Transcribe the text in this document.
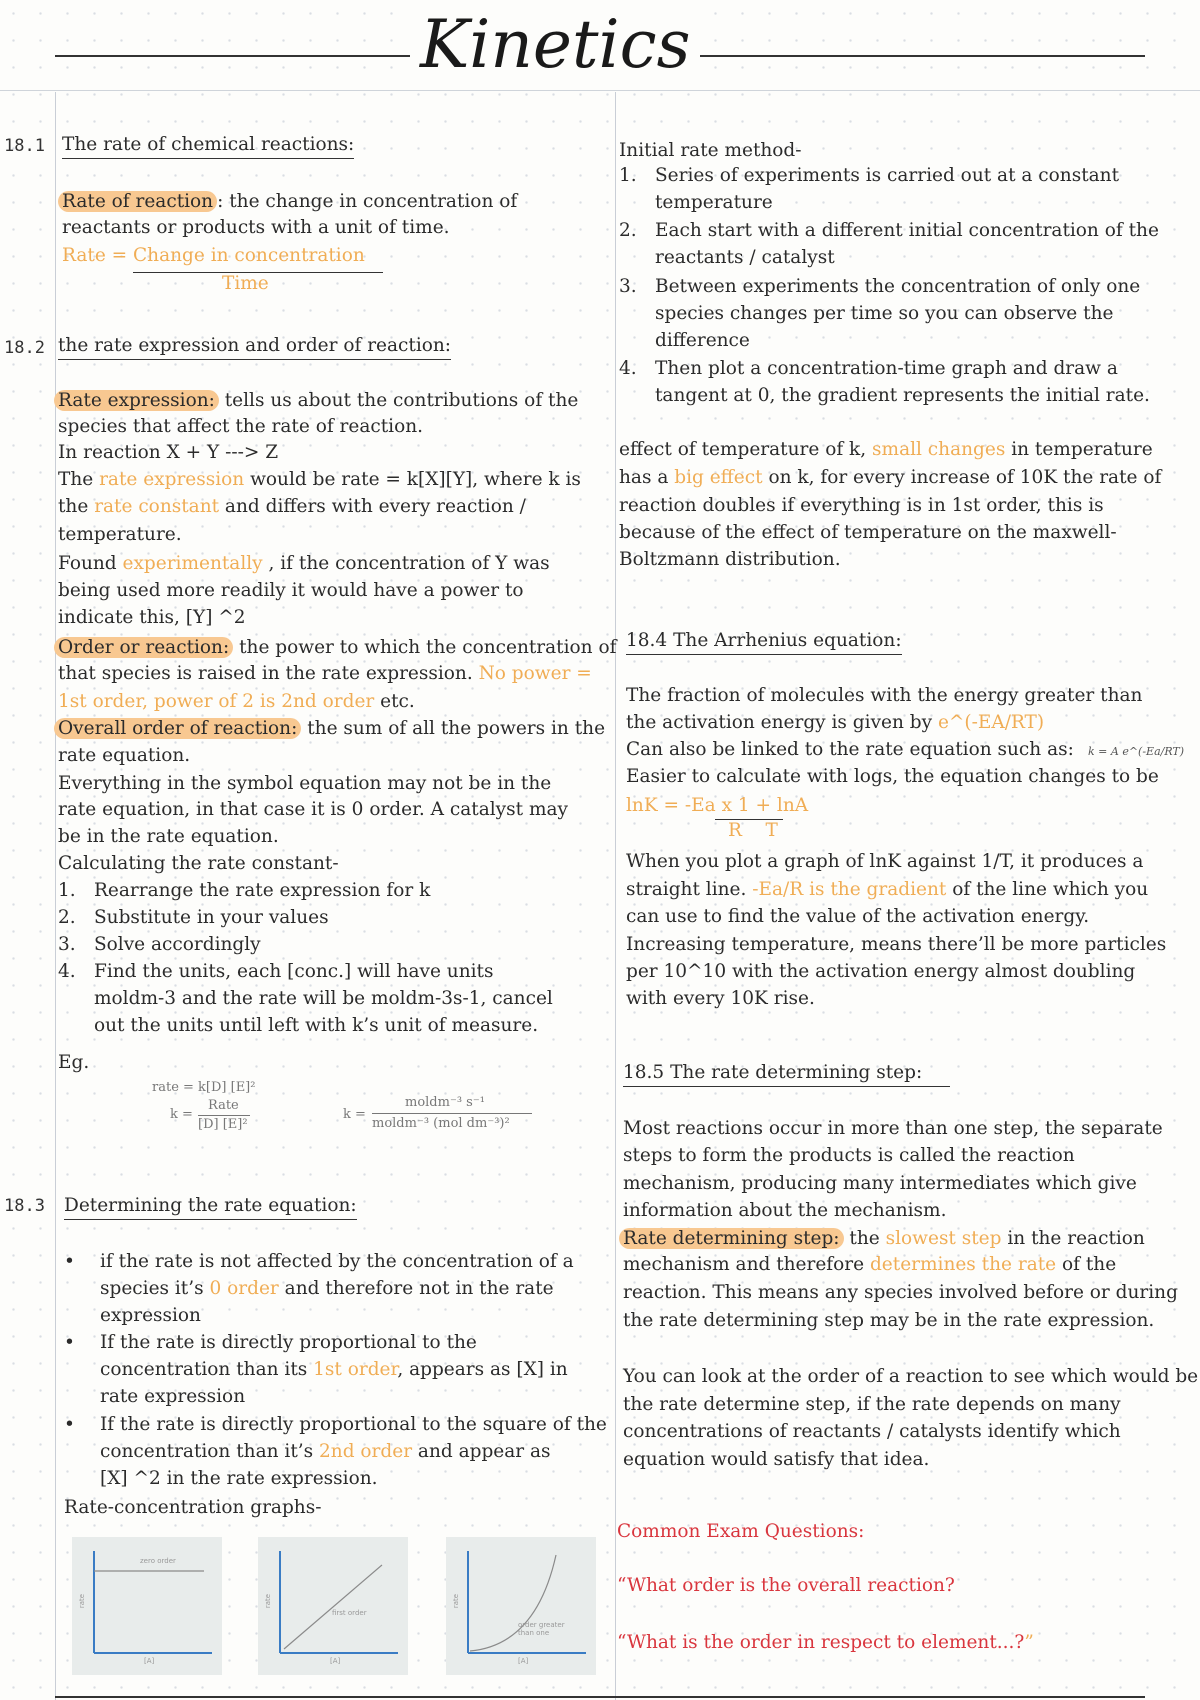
Kinetics
18.1 The rate of chemical reactions:
Rate of reaction : the change in concentration of
reactants or products with a unit of time.
Rate = Change in concentration
Time
18.2 the rate expression and order of reaction:
Rate expression: tells us about the contributions of the
species that affect the rate of reaction.
In reaction X + Y ---> Z
The rate expression would be rate = k[X][Y], where k is
the rate constant and differs with every reaction /
temperature.
Found experimentally , if the concentration of Y was
being used more readily it would have a power to
indicate this, [Y] ^2
Order or reaction: the power to which the concentration of
that species is raised in the rate expression. No power =
1st order, power of 2 is 2nd order etc.
Overall order of reaction: the sum of all the powers in the
rate equation.
Everything in the symbol equation may not be in the
rate equation, in that case it is 0 order. A catalyst may
be in the rate equation.
Calculating the rate constant-
1. Rearrange the rate expression for k
2. Substitute in your values
3. Solve accordingly
4. Find the units, each [conc.] will have units
moldm-3 and the rate will be moldm-3s-1, cancel
out the units until left with k’s unit of measure.
Eg.
rate = k[D] [E]²
k =
Rate
[D] [E]²
k =
moldm⁻³ s⁻¹
moldm⁻³ (mol dm⁻³)²
18.3 Determining the rate equation:
• if the rate is not affected by the concentration of a
species it’s 0 order and therefore not in the rate
expression
• If the rate is directly proportional to the
concentration than its 1st order, appears as [X] in
rate expression
• If the rate is directly proportional to the square of the
concentration than it’s 2nd order and appear as
[X] ^2 in the rate expression.
Rate-concentration graphs-
zero order
[A]
rate
first order
[A]
rate
order greater than one
[A]
rate
Initial rate method-
1. Series of experiments is carried out at a constant
temperature
2. Each start with a different initial concentration of the
reactants / catalyst
3. Between experiments the concentration of only one
species changes per time so you can observe the
difference
4. Then plot a concentration-time graph and draw a
tangent at 0, the gradient represents the initial rate.
effect of temperature of k, small changes in temperature
has a big effect on k, for every increase of 10K the rate of
reaction doubles if everything is in 1st order, this is
because of the effect of temperature on the maxwell-
Boltzmann distribution.
18.4 The Arrhenius equation:
The fraction of molecules with the energy greater than
the activation energy is given by e^(-EA/RT)
Can also be linked to the rate equation such as: k = A e^(-Ea/RT)
Easier to calculate with logs, the equation changes to be
lnK = -Ea x 1 + lnA
R    T
When you plot a graph of lnK against 1/T, it produces a
straight line. -Ea/R is the gradient of the line which you
can use to find the value of the activation energy.
Increasing temperature, means there’ll be more particles
per 10^10 with the activation energy almost doubling
with every 10K rise.
18.5 The rate determining step:
Most reactions occur in more than one step, the separate
steps to form the products is called the reaction
mechanism, producing many intermediates which give
information about the mechanism.
Rate determining step: the slowest step in the reaction
mechanism and therefore determines the rate of the
reaction. This means any species involved before or during
the rate determining step may be in the rate expression.
You can look at the order of a reaction to see which would be
the rate determine step, if the rate depends on many
concentrations of reactants / catalysts identify which
equation would satisfy that idea.
Common Exam Questions:
“What order is the overall reaction?
“What is the order in respect to element...?”
